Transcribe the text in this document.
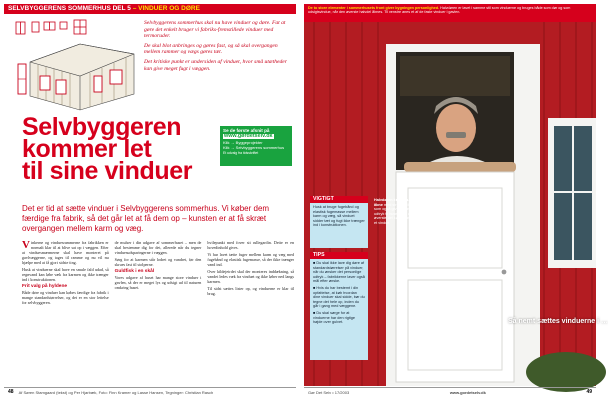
SELVBYGGERENS SOMMERHUS DEL 5 – VINDUER OG DØRE

Selvbyggerens sommerhus skal nu have vinduer og døre. Fat at gøre det enkelt bruger vi fabriks-fremstillede vinduer med termoruder.

De skal blot anbringes og gøres fast, og så skal overgangen mellem rammer og vægs gøres tæt.

Det kritiske punkt er undersiden af vinduet, hvor små utætheder kan give meget fugt i væggen.

Selvbyggeren
kommer let
til sine vinduer
Se de første afsnit på
www.gørdetselv.dk
Klik → Byggeprojekter
Klik → Selvbyggerens sommerhus
Et udvalg fra tidsskriftet

Det er tid at sætte vinduer i Selvbyggerens sommerhus. Vi køber dem færdige fra fabrik, så det går let at få dem op – kunsten er at få skræt overgangen mellem karm og væg.

Vinkerne og vinduesrammerne fra fabrikken er normalt klar til at blive sat op i væggen. Efter at vinduesmærmerne skal have monteret på gavlvæggerne, og tages til ramme og nu vil nu hjælpe med at få gjort sidste ting.

Husk at vinduerne skal have en smule fald udad, så regnvand kan løbe væk fra karmen og ikke trænger ind i konstruktionen.

Frit valg på hyldene

Både døre og vinduer kan købes færdige fra fabrik i mange standardstørrelser, og det er en stor lettelse for selvbyggeren.

de mulser i din udgave af sommerhuset – men de skal bestemme dig for det, allerede når du tegner vinduesudsparingerne i væggen.

Sørg for at karmen står lodret og vandret, før den skrues fast til stolperne.

Guldfisk i en skål

Vores udgave af huset har mange store vinduer i gavlen, så der er meget lys og udsigt ud til naturen omkring huset.

hvilepunkt med fover sit rullegardin. Dette er en hovedinhold gives.

Vi har lavet tætte fuger mellem karm og væg med fugebånd og elastisk fugemasse, så der ikke trænger vand ind.

Over kildejeirdet skal der monteres inddækning, så vandet ledes væk fra vinduet og ikke løber ned langs karmen.

Til sidst sættes lister op, og vinduerne er klar til brug.

48 Af Søren Stamgaard (tekst) og Per Hjarbæk, Foto: Finn Kramer og Lasse Hansen, Tegninger: Christian Rasch
De to store elementer i sommerhusets front giver bygningen personlighed. Halvdøren er lavet i samme stil som vinduerne og bruges både som dør og som udsigtsvindue, når den øverste halvdel åbnes. Til venstre anes et af de faste vinduer i gavlen.
VIGTIGT
Husk at bruge fugebånd og elastisk fugemasse mellem karm og væg, så vinduet sidder tæt og fugt ikke trænger ind i konstruktionen.
TIPS

■ Du skal ikke lave dig døre af standardstørrelser på vinduer, når du ønsker det personlige udtryk – fabrikkerne laver også mål efter ønske.

■ Hvis du har bestemt i din opfattelse, at køb hvordan dine vinduer skal sidde, bør du tegne det hele op, inden du går i gang med væggene.

■ Du skal sørge for at vinduerne har den rigtige højde over gulvet.

Halvdøren kunne fuldt åbne med sin flotte lade, som også giver et personligt udtryk til huset – og den øverste del kan åbnes som et vindue.
Så nemt sættes vinduerne i …
Gør Det Selv • 17/2003	www.gordetselv.dk	49
